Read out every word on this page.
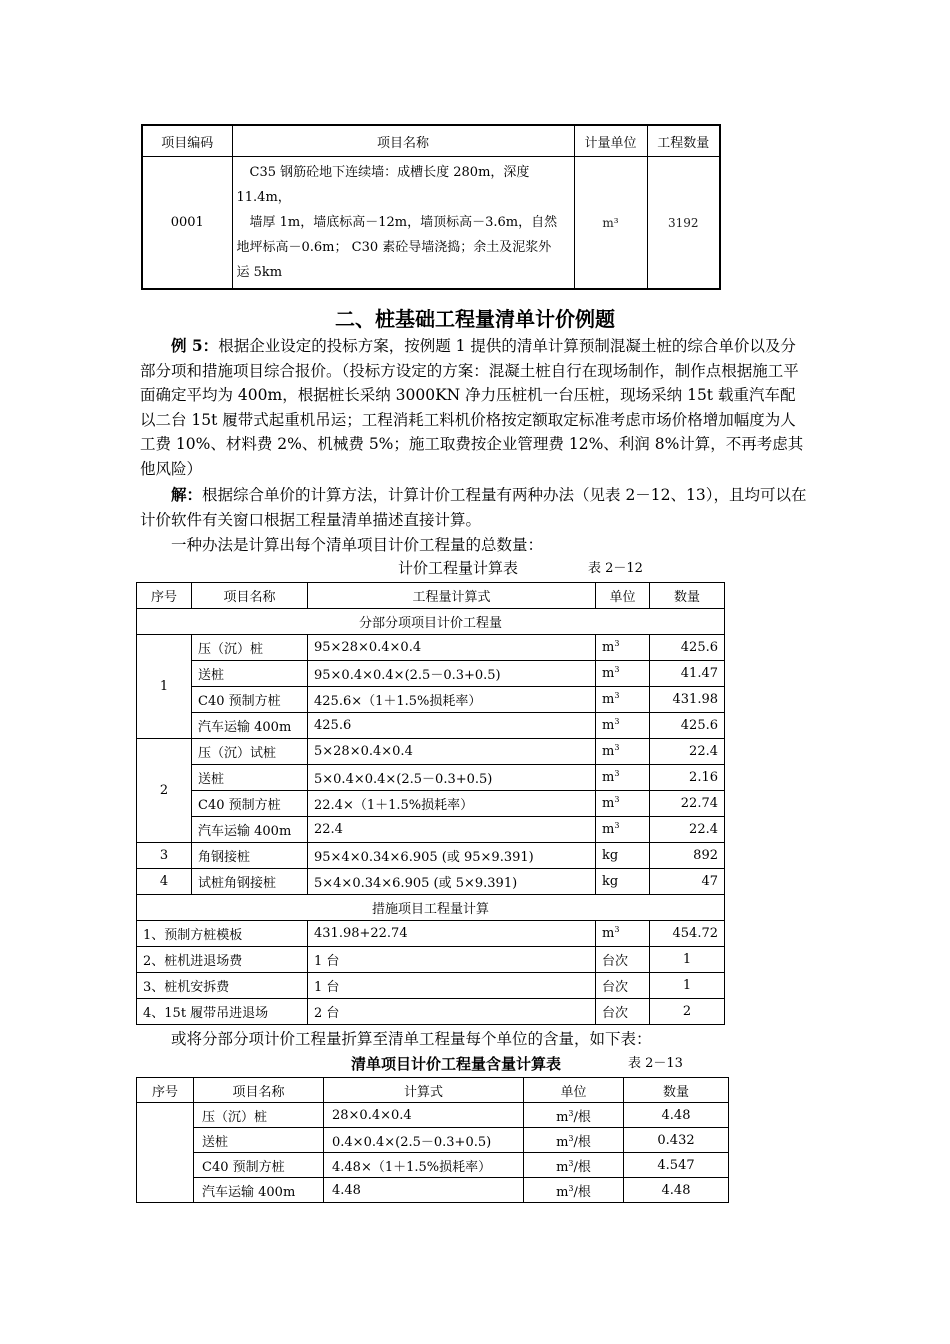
项目编码	项目名称	计量单位	工程数量
0001	　C35 钢筋砼地下连续墙：成槽长度 280m，深度
11.4m，
　墙厚 1m，墙底标高－12m，墙顶标高－3.6m，自然
地坪标高－0.6m； C30 素砼导墙浇捣；余土及泥浆外
运 5km	m³	3192
二、桩基础工程量清单计价例题

例 5：根据企业设定的投标方案，按例题 1 提供的清单计算预制混凝土桩的综合单价以及分部分项和措施项目综合报价。（投标方设定的方案：混凝土桩自行在现场制作，制作点根据施工平面确定平均为 400m，根据桩长采纳 3000KN 净力压桩机一台压桩，现场采纳 15t 载重汽车配以二台 15t 履带式起重机吊运；工程消耗工料机价格按定额取定标准考虑市场价格增加幅度为人工费 10%、材料费 2%、机械费 5%；施工取费按企业管理费 12%、利润 8%计算，不再考虑其他风险）

解：根据综合单价的计算方法，计算计价工程量有两种办法（见表 2－12、13），且均可以在计价软件有关窗口根据工程量清单描述直接计算。

一种办法是计算出每个清单项目计价工程量的总数量：

计价工程量计算表	表 2－12
序号	项目名称	工程量计算式	单位	数量
分部分项项目计价工程量				
1	压（沉）桩	95×28×0.4×0.4	$m^3$	425.6
	送桩	95×0.4×0.4×(2.5－0.3+0.5)	$m^3$	41.47
	C40 预制方桩	425.6×（1＋1.5%损耗率）	$m^3$	431.98
	汽车运输 400m	425.6	$m^3$	425.6
2	压（沉）试桩	5×28×0.4×0.4	$m^3$	22.4
	送桩	5×0.4×0.4×(2.5－0.3+0.5)	$m^3$	2.16
	C40 预制方桩	22.4×（1＋1.5%损耗率）	$m^3$	22.74
	汽车运输 400m	22.4	$m^3$	22.4
3	角钢接桩	95×4×0.34×6.905 (或 95×9.391)	kg	892
4	试桩角钢接桩	5×4×0.34×6.905 (或 5×9.391)	kg	47
措施项目工程量计算				
1、预制方桩模板		431.98+22.74	$m^3$	454.72
2、桩机进退场费		1 台	台次	1
3、桩机安拆费		1 台	台次	1
4、15t 履带吊进退场		2 台	台次	2

或将分部分项计价工程量折算至清单工程量每个单位的含量，如下表：

清单项目计价工程量含量计算表	表 2－13
序号	项目名称	计算式	单位	数量
	压（沉）桩	28×0.4×0.4	$m^3/$根	4.48
	送桩	0.4×0.4×(2.5－0.3+0.5)	$m^3/$根	0.432
	C40 预制方桩	4.48×（1＋1.5%损耗率）	$m^3/$根	4.547
	汽车运输 400m	4.48	$m^3/$根	4.48
